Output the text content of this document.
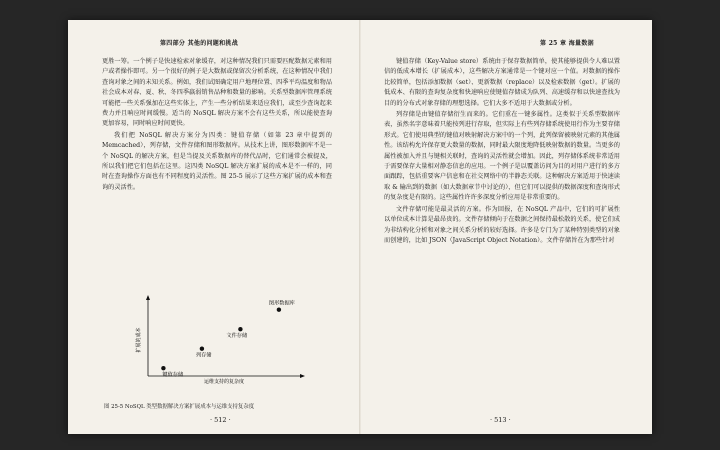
第四部分 其他的问题和挑战

更胜一筹。一个例子是快速检索对象缓存，对这种情况我们只需要匹配数据元素和用户或者操作即可。另一个很好的例子是大数据或保留次分析系统，在这种情况中我们查询对象之间的未知关系。例如，我们试图确定用户地理位置、四季平均温度和物品社会成本对春、夏、秋、冬四季羸弱销售品种和数量的影响。关系型数据库管理系统可能把一些关系强加在这些实体上，产生一些分析结果来适应我们，或至少查询起来费力并且响应时间缓慢。适当的 NoSQL 解决方案不会有这些关系，所以能使查询更加容易，同时响应时间更快。

我们把 NoSQL 解决方案分为四类：键值存储（如第 23 章中提到的 Memcached），列存储，文件存储和图形数据库。从技术上讲，图形数据库不是一个 NoSQL 的解决方案，但是当提及关系数据库的替代品时，它们通常会被提及，所以我们把它们包括在这里。这四类 NoSQL 解决方案扩展的成本是不一样的，同时在查询操作方面也有不同程度的灵活性。图 25-5 展示了这些方案扩展的成本和查询的灵活性。

扩展的成本
运维支持的复杂度
键值存储
列存储
文件存储
图形数据库
图 25-5 NoSQL 类型数据解决方案扩展成本与运维支持复杂度
· 512 ·
第 25 章 海量数据

键值存储（Key-Value store）系统由于保存数据简单，使其能够提供令人难以置信的低成本增长（扩展成本），这些解决方案通常是一个键对应一个值。对数据的操作比较简单，包括添加数据（set）、更新数据（replace）以及检索数据（get）。扩展的低成本、有限的查询复杂度和快速响应使键值存储成为队列、高速缓存和以快速查找为目的的分布式对象存储的理想选择。它们大多不适用于大数据或分析。

列存储是由键值存储衍生而来的。它们重在一键多属性。这类似于关系型数据库表，虽然名字意味着只能按列进行存取，但实际上有些列存储系统使用行作为主要存储形式。它们使用典型的键值对映射解决方案中的一个列，此列保留被映射元素的其他属性。该结构允许保存更大数量的数据，同时最大限度地降低映射数据的数量。当更多的属性被加入并且与键相关联时，查询的灵活性就会增加。因此，列存储体系统非常适用于需要保存大量相对静态信息的应用。一个例子是以覆盖访问为目的对用户进行的多方面跟踪，包括重要客户信息和在社交网络中的半静态关联。这种解决方案适用于快速读取 & 输出到的数据（如大数据章节中讨论的），但它们可以提供的数据深度和查询形式的复杂度是有限的。这些属性许许多深度分析应用是非常重要的。

文件存储可能是最灵活的方案。作为回报，在 NoSQL 产品中，它们的可扩展性以单位成本计算是最昂贵的。文件存储倾向于在数据之间保持最松散的关系，使它们成为非结构化分析和对象之间关系分析的较好选择。许多是专门为了某种特别类型的对象而创建的，比如 JSON（JavaScript Object Notation）。文件存储旨在为那些针对

· 513 ·
